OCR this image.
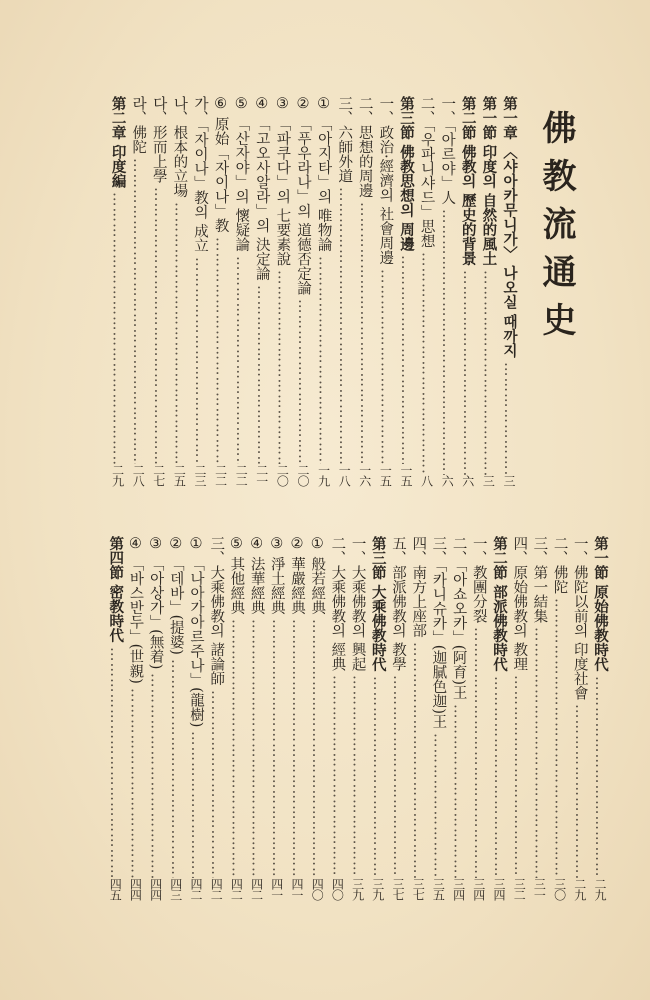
佛教流通史
第一章 〈샤아카무니가〉 나오실 때까지
……………………………………………………………………………………………………………………………………
三
第一節 印度의 自然的風土
……………………………………………………………………………………………………………………………………
三
第二節 佛教의 歷史的背景
……………………………………………………………………………………………………………………………………
六
一、「아르야」人
……………………………………………………………………………………………………………………………………
六
二、「우파니샤드」思想
……………………………………………………………………………………………………………………………………
八
第三節 佛教思想의 周邊
……………………………………………………………………………………………………………………………………
一五
一、政治·經濟의 社會周邊
……………………………………………………………………………………………………………………………………
一五
二、思想的周邊
……………………………………………………………………………………………………………………………………
一六
三、六師外道
……………………………………………………………………………………………………………………………………
一八
① 「아지타」의 唯物論
……………………………………………………………………………………………………………………………………
一九
② 「푸우라나」의 道德否定論
……………………………………………………………………………………………………………………………………
二〇
③ 「파쿠다」의 七要素說
……………………………………………………………………………………………………………………………………
二〇
④ 「고오사알라」의 決定論
……………………………………………………………………………………………………………………………………
二一
⑤ 「산자야」의 懷疑論
……………………………………………………………………………………………………………………………………
二二
⑥ 原始「자이나」教
……………………………………………………………………………………………………………………………………
二二
가、「자이나」教의 成立
……………………………………………………………………………………………………………………………………
二三
나、根本的立場
……………………………………………………………………………………………………………………………………
二五
다、形而上學
……………………………………………………………………………………………………………………………………
二七
라、佛陀
……………………………………………………………………………………………………………………………………
二八
第二章 印度編
……………………………………………………………………………………………………………………………………
二九
第一節 原始佛教時代
……………………………………………………………………………………………………………………………………
二九
一、佛陀以前의 印度社會
……………………………………………………………………………………………………………………………………
二九
二、佛陀
……………………………………………………………………………………………………………………………………
三〇
三、第一結集
……………………………………………………………………………………………………………………………………
三一
四、原始佛教의 教理
……………………………………………………………………………………………………………………………………
三二
第二節 部派佛教時代
……………………………………………………………………………………………………………………………………
三四
一、教團分裂
……………………………………………………………………………………………………………………………………
三四
二、「아쇼오카」(阿育)王
……………………………………………………………………………………………………………………………………
三四
三、「카니슈카」(迦膩色迦)王
……………………………………………………………………………………………………………………………………
三五
四、南方上座部
……………………………………………………………………………………………………………………………………
三七
五、部派佛教의 教學
……………………………………………………………………………………………………………………………………
三七
第三節 大乘佛教時代
……………………………………………………………………………………………………………………………………
三九
一、大乘佛教의 興起
……………………………………………………………………………………………………………………………………
三九
二、大乘佛教의 經典
……………………………………………………………………………………………………………………………………
四〇
① 般若經典
……………………………………………………………………………………………………………………………………
四〇
② 華嚴經典
……………………………………………………………………………………………………………………………………
四一
③ 淨土經典
……………………………………………………………………………………………………………………………………
四一
④ 法華經典
……………………………………………………………………………………………………………………………………
四二
⑤ 其他經典
……………………………………………………………………………………………………………………………………
四二
三、大乘佛教의 諸論師
……………………………………………………………………………………………………………………………………
四二
① 「나아가아르주나」(龍樹)
……………………………………………………………………………………………………………………………………
四二
② 「데바」(提婆)
……………………………………………………………………………………………………………………………………
四三
③ 「아상가」(無着)
……………………………………………………………………………………………………………………………………
四四
④ 「바스반두」(世親)
……………………………………………………………………………………………………………………………………
四四
第四節 密教時代
……………………………………………………………………………………………………………………………………
四五
